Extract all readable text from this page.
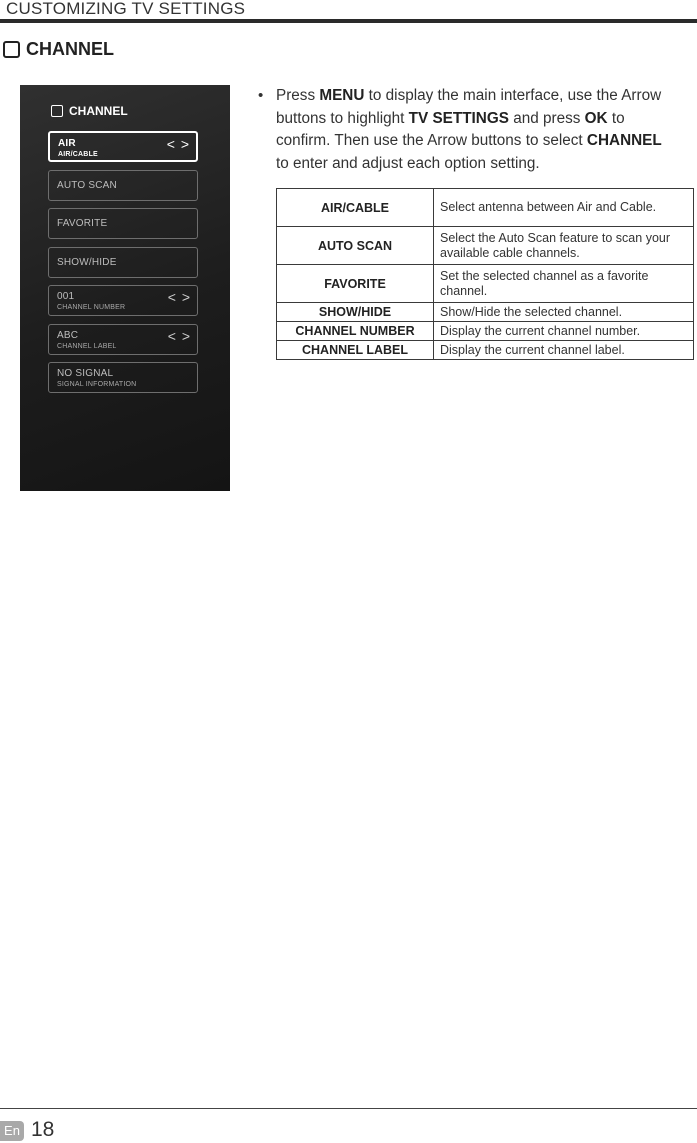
CUSTOMIZING TV SETTINGS
CHANNEL
CHANNEL
AIR
AIR/CABLE
< >
AUTO SCAN
FAVORITE
SHOW/HIDE
001
CHANNEL NUMBER
< >
ABC
CHANNEL LABEL
< >
NO SIGNAL
SIGNAL INFORMATION
• Press MENU to display the main interface, use the Arrow buttons to highlight TV SETTINGS and press OK to confirm. Then use the Arrow buttons to select CHANNEL to enter and adjust each option setting.
AIR/CABLE	Select antenna between Air and Cable.
AUTO SCAN	Select the Auto Scan feature to scan your available cable channels.
FAVORITE	Set the selected channel as a favorite channel.
SHOW/HIDE	Show/Hide the selected channel.
CHANNEL NUMBER	Display the current channel number.
CHANNEL LABEL	Display the current channel label.
En 18
